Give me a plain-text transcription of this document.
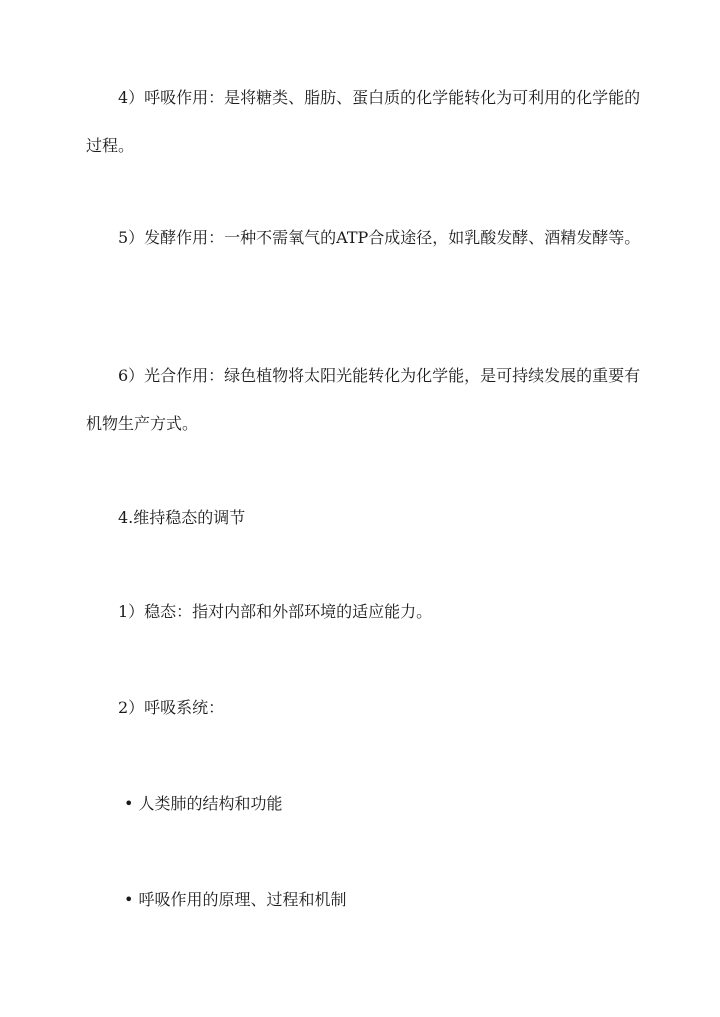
4）呼吸作用：是将糖类、脂肪、蛋白质的化学能转化为可利用的化学能的过程。

5）发酵作用：一种不需氧气的ATP合成途径，如乳酸发酵、酒精发酵等。

6）光合作用：绿色植物将太阳光能转化为化学能，是可持续发展的重要有机物生产方式。

4.维持稳态的调节

1）稳态：指对内部和外部环境的适应能力。

2）呼吸系统：

• 人类肺的结构和功能

• 呼吸作用的原理、过程和机制
